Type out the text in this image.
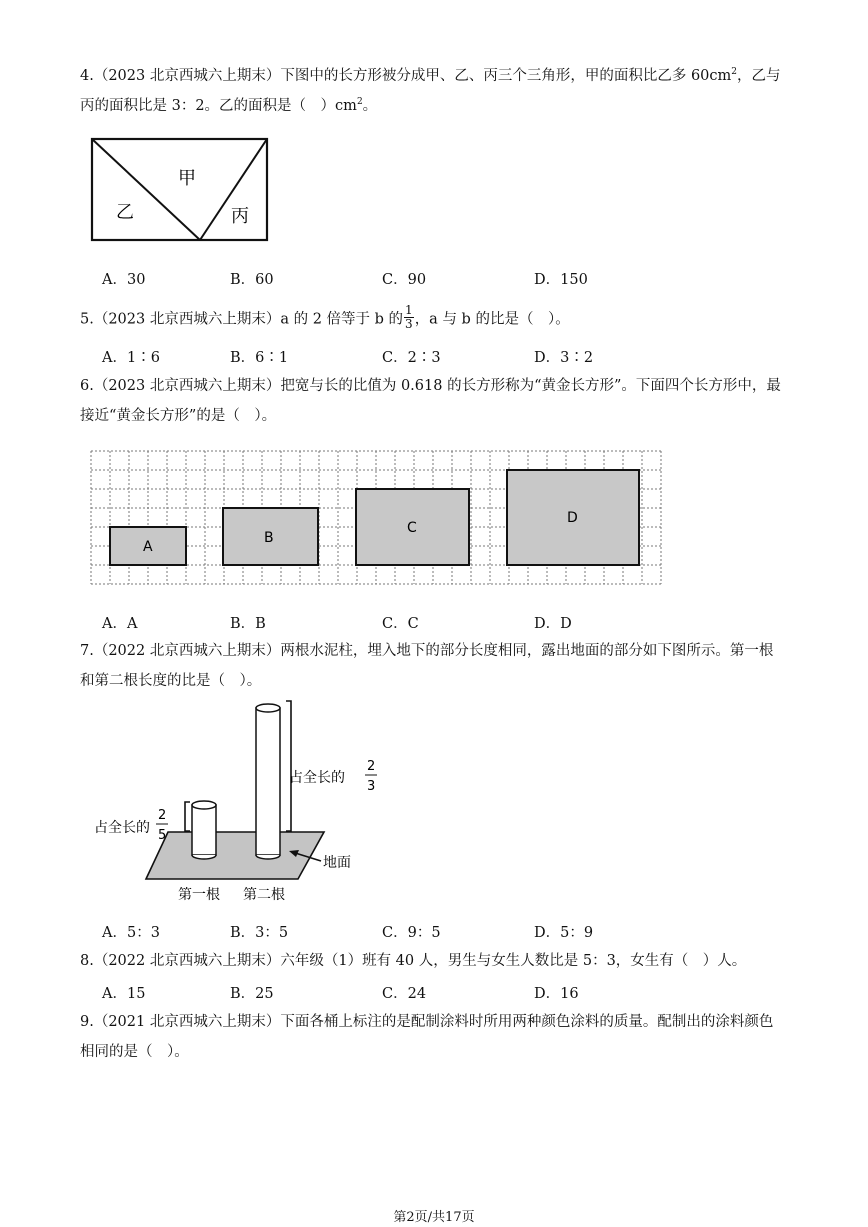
4.（2023 北京西城六上期末）下图中的长方形被分成甲、乙、丙三个三角形，甲的面积比乙多 $60cm^2$，乙与
丙的面积比是 3：2。乙的面积是（　）$cm^2$。
甲
乙	丙
A．30	B．60	C．90	D．150
5.（2023 北京西城六上期末）a 的 2 倍等于 b 的 $\frac{1}{3}$ ，a 与 b 的比是（　）。
A．1∶6	B．6∶1	C．2∶3	D．3∶2
6.（2023 北京西城六上期末）把宽与长的比值为 0.618 的长方形称为“黄金长方形”。下面四个长方形中，最
接近“黄金长方形”的是（　）。
A
B
C
D
A．A	B．B	C．C	D．D
7.（2022 北京西城六上期末）两根水泥柱，埋入地下的部分长度相同，露出地面的部分如下图所示。第一根
和第二根长度的比是（　）。
占全长的
2
3
占全长的
2
5
地面
第一根 第二根
A．5：3	B．3：5	C．9：5	D．5：9
8.（2022 北京西城六上期末）六年级（1）班有 40 人，男生与女生人数比是 5：3，女生有（　）人。
A．15	B．25	C．24	D．16
9.（2021 北京西城六上期末）下面各桶上标注的是配制涂料时所用两种颜色涂料的质量。配制出的涂料颜色
相同的是（　）。
第2页/共17页
